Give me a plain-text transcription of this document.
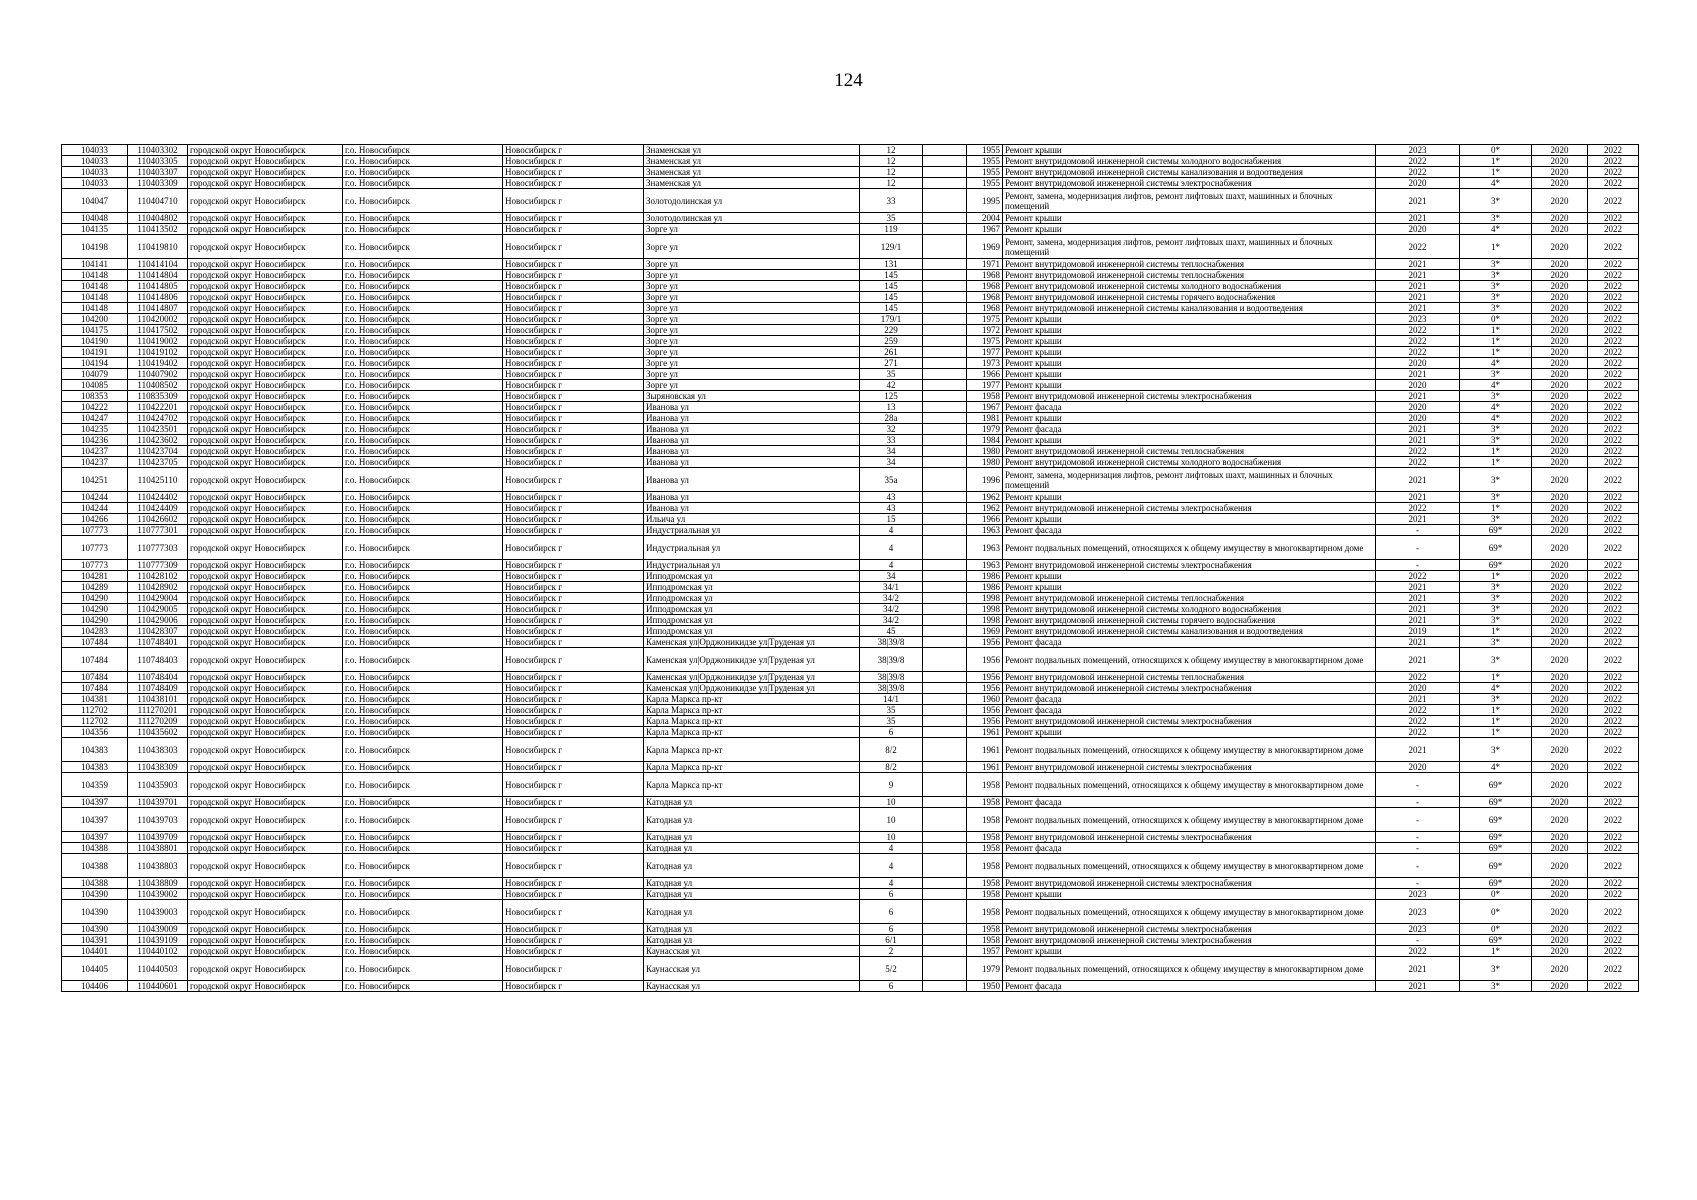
124
104033	110403302	городской округ Новосибирск	г.о. Новосибирск	Новосибирск г	Знаменская ул	12		1955	Ремонт крыши	2023	0*	2020	2022
104033	110403305	городской округ Новосибирск	г.о. Новосибирск	Новосибирск г	Знаменская ул	12		1955	Ремонт внутридомовой инженерной системы холодного водоснабжения	2022	1*	2020	2022
104033	110403307	городской округ Новосибирск	г.о. Новосибирск	Новосибирск г	Знаменская ул	12		1955	Ремонт внутридомовой инженерной системы канализования и водоотведения	2022	1*	2020	2022
104033	110403309	городской округ Новосибирск	г.о. Новосибирск	Новосибирск г	Знаменская ул	12		1955	Ремонт внутридомовой инженерной системы электроснабжения	2020	4*	2020	2022
104047	110404710	городской округ Новосибирск	г.о. Новосибирск	Новосибирск г	Золотодолинская ул	33		1995	Ремонт, замена, модернизация лифтов, ремонт лифтовых шахт, машинных и блочных помещений	2021	3*	2020	2022
104048	110404802	городской округ Новосибирск	г.о. Новосибирск	Новосибирск г	Золотодолинская ул	35		2004	Ремонт крыши	2021	3*	2020	2022
104135	110413502	городской округ Новосибирск	г.о. Новосибирск	Новосибирск г	Зорге ул	119		1967	Ремонт крыши	2020	4*	2020	2022
104198	110419810	городской округ Новосибирск	г.о. Новосибирск	Новосибирск г	Зорге ул	129/1		1969	Ремонт, замена, модернизация лифтов, ремонт лифтовых шахт, машинных и блочных помещений	2022	1*	2020	2022
104141	110414104	городской округ Новосибирск	г.о. Новосибирск	Новосибирск г	Зорге ул	131		1971	Ремонт внутридомовой инженерной системы теплоснабжения	2021	3*	2020	2022
104148	110414804	городской округ Новосибирск	г.о. Новосибирск	Новосибирск г	Зорге ул	145		1968	Ремонт внутридомовой инженерной системы теплоснабжения	2021	3*	2020	2022
104148	110414805	городской округ Новосибирск	г.о. Новосибирск	Новосибирск г	Зорге ул	145		1968	Ремонт внутридомовой инженерной системы холодного водоснабжения	2021	3*	2020	2022
104148	110414806	городской округ Новосибирск	г.о. Новосибирск	Новосибирск г	Зорге ул	145		1968	Ремонт внутридомовой инженерной системы горячего водоснабжения	2021	3*	2020	2022
104148	110414807	городской округ Новосибирск	г.о. Новосибирск	Новосибирск г	Зорге ул	145		1968	Ремонт внутридомовой инженерной системы канализования и водоотведения	2021	3*	2020	2022
104200	110420002	городской округ Новосибирск	г.о. Новосибирск	Новосибирск г	Зорге ул	179/1		1975	Ремонт крыши	2023	0*	2020	2022
104175	110417502	городской округ Новосибирск	г.о. Новосибирск	Новосибирск г	Зорге ул	229		1972	Ремонт крыши	2022	1*	2020	2022
104190	110419002	городской округ Новосибирск	г.о. Новосибирск	Новосибирск г	Зорге ул	259		1975	Ремонт крыши	2022	1*	2020	2022
104191	110419102	городской округ Новосибирск	г.о. Новосибирск	Новосибирск г	Зорге ул	261		1977	Ремонт крыши	2022	1*	2020	2022
104194	110419402	городской округ Новосибирск	г.о. Новосибирск	Новосибирск г	Зорге ул	271		1973	Ремонт крыши	2020	4*	2020	2022
104079	110407902	городской округ Новосибирск	г.о. Новосибирск	Новосибирск г	Зорге ул	35		1966	Ремонт крыши	2021	3*	2020	2022
104085	110408502	городской округ Новосибирск	г.о. Новосибирск	Новосибирск г	Зорге ул	42		1977	Ремонт крыши	2020	4*	2020	2022
108353	110835309	городской округ Новосибирск	г.о. Новосибирск	Новосибирск г	Зыряновская ул	125		1958	Ремонт внутридомовой инженерной системы электроснабжения	2021	3*	2020	2022
104222	110422201	городской округ Новосибирск	г.о. Новосибирск	Новосибирск г	Иванова ул	13		1967	Ремонт фасада	2020	4*	2020	2022
104247	110424702	городской округ Новосибирск	г.о. Новосибирск	Новосибирск г	Иванова ул	28а		1981	Ремонт крыши	2020	4*	2020	2022
104235	110423501	городской округ Новосибирск	г.о. Новосибирск	Новосибирск г	Иванова ул	32		1979	Ремонт фасада	2021	3*	2020	2022
104236	110423602	городской округ Новосибирск	г.о. Новосибирск	Новосибирск г	Иванова ул	33		1984	Ремонт крыши	2021	3*	2020	2022
104237	110423704	городской округ Новосибирск	г.о. Новосибирск	Новосибирск г	Иванова ул	34		1980	Ремонт внутридомовой инженерной системы теплоснабжения	2022	1*	2020	2022
104237	110423705	городской округ Новосибирск	г.о. Новосибирск	Новосибирск г	Иванова ул	34		1980	Ремонт внутридомовой инженерной системы холодного водоснабжения	2022	1*	2020	2022
104251	110425110	городской округ Новосибирск	г.о. Новосибирск	Новосибирск г	Иванова ул	35а		1996	Ремонт, замена, модернизация лифтов, ремонт лифтовых шахт, машинных и блочных помещений	2021	3*	2020	2022
104244	110424402	городской округ Новосибирск	г.о. Новосибирск	Новосибирск г	Иванова ул	43		1962	Ремонт крыши	2021	3*	2020	2022
104244	110424409	городской округ Новосибирск	г.о. Новосибирск	Новосибирск г	Иванова ул	43		1962	Ремонт внутридомовой инженерной системы электроснабжения	2022	1*	2020	2022
104266	110426602	городской округ Новосибирск	г.о. Новосибирск	Новосибирск г	Ильича ул	15		1966	Ремонт крыши	2021	3*	2020	2022
107773	110777301	городской округ Новосибирск	г.о. Новосибирск	Новосибирск г	Индустриальная ул	4		1963	Ремонт фасада	-	69*	2020	2022
107773	110777303	городской округ Новосибирск	г.о. Новосибирск	Новосибирск г	Индустриальная ул	4		1963	Ремонт подвальных помещений, относящихся к общему имуществу в многоквартирном доме	-	69*	2020	2022
107773	110777309	городской округ Новосибирск	г.о. Новосибирск	Новосибирск г	Индустриальная ул	4		1963	Ремонт внутридомовой инженерной системы электроснабжения	-	69*	2020	2022
104281	110428102	городской округ Новосибирск	г.о. Новосибирск	Новосибирск г	Ипподромская ул	34		1986	Ремонт крыши	2022	1*	2020	2022
104289	110428902	городской округ Новосибирск	г.о. Новосибирск	Новосибирск г	Ипподромская ул	34/1		1986	Ремонт крыши	2021	3*	2020	2022
104290	110429004	городской округ Новосибирск	г.о. Новосибирск	Новосибирск г	Ипподромская ул	34/2		1998	Ремонт внутридомовой инженерной системы теплоснабжения	2021	3*	2020	2022
104290	110429005	городской округ Новосибирск	г.о. Новосибирск	Новосибирск г	Ипподромская ул	34/2		1998	Ремонт внутридомовой инженерной системы холодного водоснабжения	2021	3*	2020	2022
104290	110429006	городской округ Новосибирск	г.о. Новосибирск	Новосибирск г	Ипподромская ул	34/2		1998	Ремонт внутридомовой инженерной системы горячего водоснабжения	2021	3*	2020	2022
104283	110428307	городской округ Новосибирск	г.о. Новосибирск	Новосибирск г	Ипподромская ул	45		1969	Ремонт внутридомовой инженерной системы канализования и водоотведения	2019	1*	2020	2022
107484	110748401	городской округ Новосибирск	г.о. Новосибирск	Новосибирск г	Каменская ул|Орджоникидзе ул|Труденая ул	38|39/8		1956	Ремонт фасада	2021	3*	2020	2022
107484	110748403	городской округ Новосибирск	г.о. Новосибирск	Новосибирск г	Каменская ул|Орджоникидзе ул|Труденая ул	38|39/8		1956	Ремонт подвальных помещений, относящихся к общему имуществу в многоквартирном доме	2021	3*	2020	2022
107484	110748404	городской округ Новосибирск	г.о. Новосибирск	Новосибирск г	Каменская ул|Орджоникидзе ул|Труденая ул	38|39/8		1956	Ремонт внутридомовой инженерной системы теплоснабжения	2022	1*	2020	2022
107484	110748409	городской округ Новосибирск	г.о. Новосибирск	Новосибирск г	Каменская ул|Орджоникидзе ул|Труденая ул	38|39/8		1956	Ремонт внутридомовой инженерной системы электроснабжения	2020	4*	2020	2022
104381	110438101	городской округ Новосибирск	г.о. Новосибирск	Новосибирск г	Карла Маркса пр-кт	14/1		1960	Ремонт фасада	2021	3*	2020	2022
112702	111270201	городской округ Новосибирск	г.о. Новосибирск	Новосибирск г	Карла Маркса пр-кт	35		1956	Ремонт фасада	2022	1*	2020	2022
112702	111270209	городской округ Новосибирск	г.о. Новосибирск	Новосибирск г	Карла Маркса пр-кт	35		1956	Ремонт внутридомовой инженерной системы электроснабжения	2022	1*	2020	2022
104356	110435602	городской округ Новосибирск	г.о. Новосибирск	Новосибирск г	Карла Маркса пр-кт	6		1961	Ремонт крыши	2022	1*	2020	2022
104383	110438303	городской округ Новосибирск	г.о. Новосибирск	Новосибирск г	Карла Маркса пр-кт	8/2		1961	Ремонт подвальных помещений, относящихся к общему имуществу в многоквартирном доме	2021	3*	2020	2022
104383	110438309	городской округ Новосибирск	г.о. Новосибирск	Новосибирск г	Карла Маркса пр-кт	8/2		1961	Ремонт внутридомовой инженерной системы электроснабжения	2020	4*	2020	2022
104359	110435903	городской округ Новосибирск	г.о. Новосибирск	Новосибирск г	Карла Маркса пр-кт	9		1958	Ремонт подвальных помещений, относящихся к общему имуществу в многоквартирном доме	-	69*	2020	2022
104397	110439701	городской округ Новосибирск	г.о. Новосибирск	Новосибирск г	Катодная ул	10		1958	Ремонт фасада	-	69*	2020	2022
104397	110439703	городской округ Новосибирск	г.о. Новосибирск	Новосибирск г	Катодная ул	10		1958	Ремонт подвальных помещений, относящихся к общему имуществу в многоквартирном доме	-	69*	2020	2022
104397	110439709	городской округ Новосибирск	г.о. Новосибирск	Новосибирск г	Катодная ул	10		1958	Ремонт внутридомовой инженерной системы электроснабжения	-	69*	2020	2022
104388	110438801	городской округ Новосибирск	г.о. Новосибирск	Новосибирск г	Катодная ул	4		1958	Ремонт фасада	-	69*	2020	2022
104388	110438803	городской округ Новосибирск	г.о. Новосибирск	Новосибирск г	Катодная ул	4		1958	Ремонт подвальных помещений, относящихся к общему имуществу в многоквартирном доме	-	69*	2020	2022
104388	110438809	городской округ Новосибирск	г.о. Новосибирск	Новосибирск г	Катодная ул	4		1958	Ремонт внутридомовой инженерной системы электроснабжения	-	69*	2020	2022
104390	110439002	городской округ Новосибирск	г.о. Новосибирск	Новосибирск г	Катодная ул	6		1958	Ремонт крыши	2023	0*	2020	2022
104390	110439003	городской округ Новосибирск	г.о. Новосибирск	Новосибирск г	Катодная ул	6		1958	Ремонт подвальных помещений, относящихся к общему имуществу в многоквартирном доме	2023	0*	2020	2022
104390	110439009	городской округ Новосибирск	г.о. Новосибирск	Новосибирск г	Катодная ул	6		1958	Ремонт внутридомовой инженерной системы электроснабжения	2023	0*	2020	2022
104391	110439109	городской округ Новосибирск	г.о. Новосибирск	Новосибирск г	Катодная ул	6/1		1958	Ремонт внутридомовой инженерной системы электроснабжения	-	69*	2020	2022
104401	110440102	городской округ Новосибирск	г.о. Новосибирск	Новосибирск г	Каунасская ул	2		1957	Ремонт крыши	2022	1*	2020	2022
104405	110440503	городской округ Новосибирск	г.о. Новосибирск	Новосибирск г	Каунасская ул	5/2		1979	Ремонт подвальных помещений, относящихся к общему имуществу в многоквартирном доме	2021	3*	2020	2022
104406	110440601	городской округ Новосибирск	г.о. Новосибирск	Новосибирск г	Каунасская ул	6		1950	Ремонт фасада	2021	3*	2020	2022
